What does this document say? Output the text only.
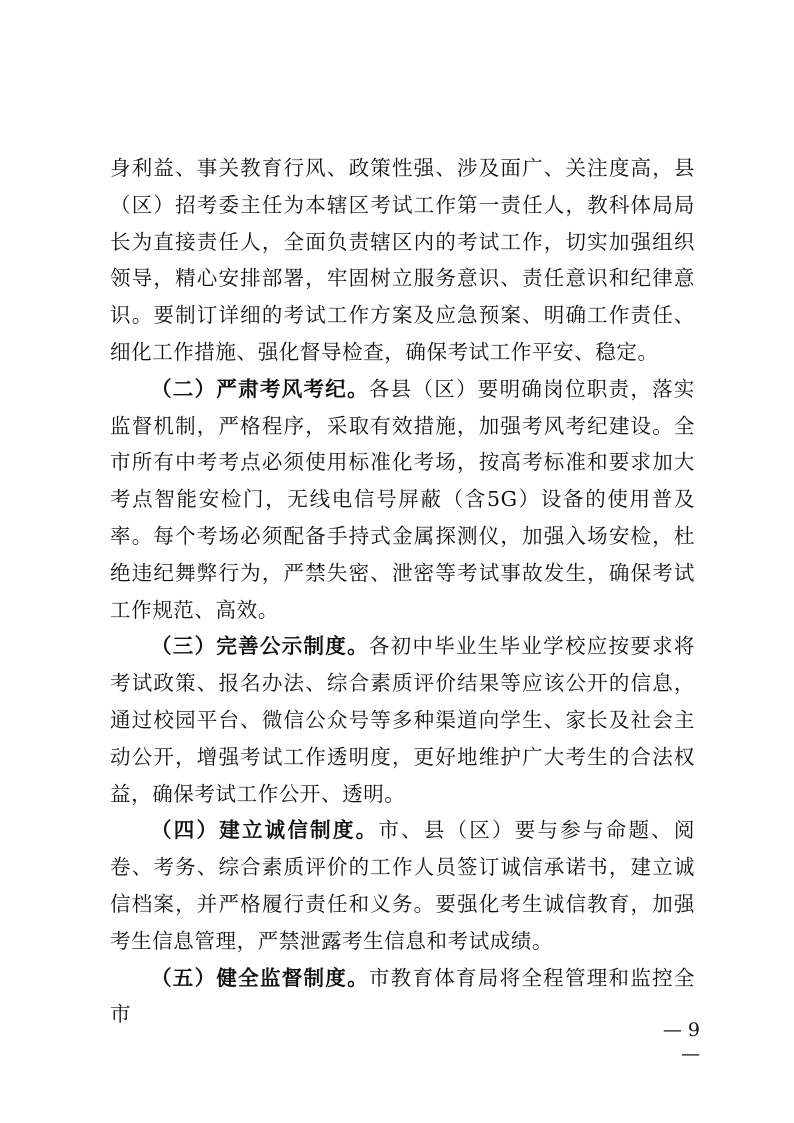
身利益、事关教育行风、政策性强、涉及面广、关注度高，县（区）招考委主任为本辖区考试工作第一责任人，教科体局局长为直接责任人，全面负责辖区内的考试工作，切实加强组织领导，精心安排部署，牢固树立服务意识、责任意识和纪律意识。要制订详细的考试工作方案及应急预案、明确工作责任、细化工作措施、强化督导检查，确保考试工作平安、稳定。

（二）严肃考风考纪。各县（区）要明确岗位职责，落实监督机制，严格程序，采取有效措施，加强考风考纪建设。全市所有中考考点必须使用标准化考场，按高考标准和要求加大考点智能安检门，无线电信号屏蔽（含5G）设备的使用普及率。每个考场必须配备手持式金属探测仪，加强入场安检，杜绝违纪舞弊行为，严禁失密、泄密等考试事故发生，确保考试工作规范、高效。

（三）完善公示制度。各初中毕业生毕业学校应按要求将考试政策、报名办法、综合素质评价结果等应该公开的信息，通过校园平台、微信公众号等多种渠道向学生、家长及社会主动公开，增强考试工作透明度，更好地维护广大考生的合法权益，确保考试工作公开、透明。

（四）建立诚信制度。市、县（区）要与参与命题、阅卷、考务、综合素质评价的工作人员签订诚信承诺书，建立诚信档案，并严格履行责任和义务。要强化考生诚信教育，加强考生信息管理，严禁泄露考生信息和考试成绩。

（五）健全监督制度。市教育体育局将全程管理和监控全市

— 9 —
